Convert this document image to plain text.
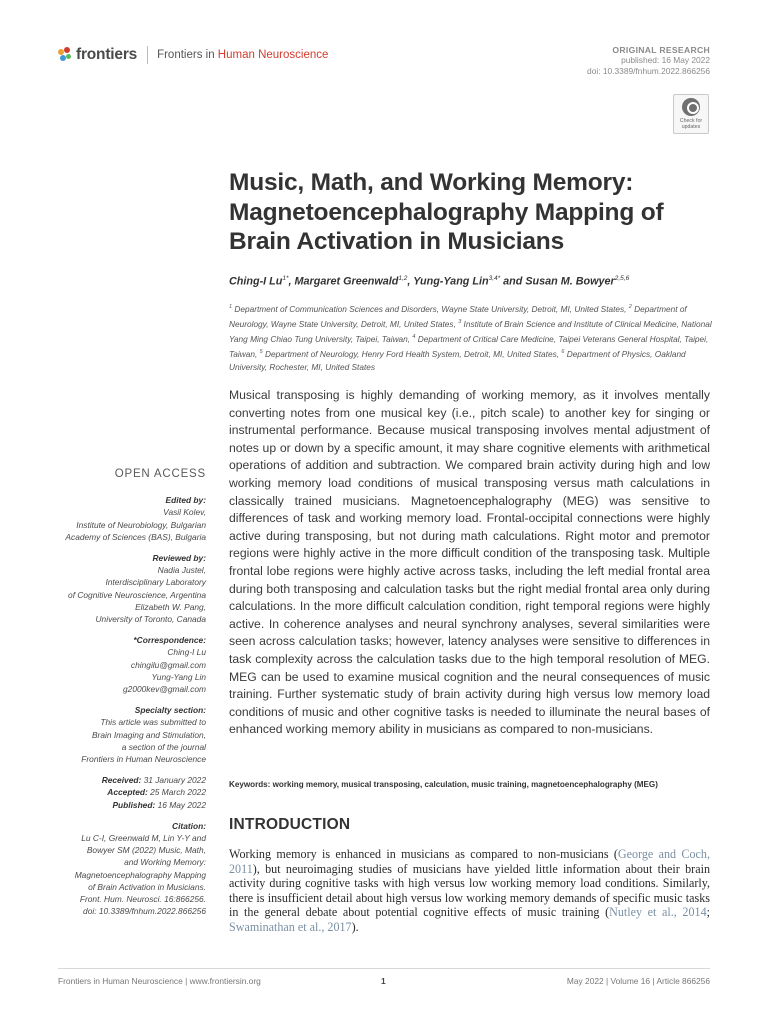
frontiers Frontiers in Human Neuroscience	ORIGINAL RESEARCH
published: 16 May 2022
doi: 10.3389/fnhum.2022.866256
Check for updates
Music, Math, and Working Memory: Magnetoencephalography Mapping of Brain Activation in Musicians
Ching-I $Lu^{1*}$, Margaret Greenwald$^{1,2}$, Yung-Yang Lin$^{3,4*}$ and Susan M. Bowyer$^{2,5,6}$
$^1$ Department of Communication Sciences and Disorders, Wayne State University, Detroit, MI, United States, $^2$ Department of Neurology, Wayne State University, Detroit, MI, United States, $^3$ Institute of Brain Science and Institute of Clinical Medicine, National Yang Ming Chiao Tung University, Taipei, Taiwan, $^4$ Department of Critical Care Medicine, Taipei Veterans General Hospital, Taipei, Taiwan, $^5$ Department of Neurology, Henry Ford Health System, Detroit, MI, United States, $^6$ Department of Physics, Oakland University, Rochester, MI, United States

Musical transposing is highly demanding of working memory, as it involves mentally converting notes from one musical key (i.e., pitch scale) to another key for singing or instrumental performance. Because musical transposing involves mental adjustment of notes up or down by a specific amount, it may share cognitive elements with arithmetical operations of addition and subtraction. We compared brain activity during high and low working memory load conditions of musical transposing versus math calculations in classically trained musicians. Magnetoencephalography (MEG) was sensitive to differences of task and working memory load. Frontal-occipital connections were highly active during transposing, but not during math calculations. Right motor and premotor regions were highly active in the more difficult condition of the transposing task. Multiple frontal lobe regions were highly active across tasks, including the left medial frontal area during both transposing and calculation tasks but the right medial frontal area only during calculations. In the more difficult calculation condition, right temporal regions were highly active. In coherence analyses and neural synchrony analyses, several similarities were seen across calculation tasks; however, latency analyses were sensitive to differences in task complexity across the calculation tasks due to the high temporal resolution of MEG. MEG can be used to examine musical cognition and the neural consequences of music training. Further systematic study of brain activity during high versus low memory load conditions of music and other cognitive tasks is needed to illuminate the neural bases of enhanced working memory ability in musicians as compared to non-musicians.

Keywords: working memory, musical transposing, calculation, music training, magnetoencephalography (MEG)
INTRODUCTION

Working memory is enhanced in musicians as compared to non-musicians (George and Coch, 2011), but neuroimaging studies of musicians have yielded little information about their brain activity during cognitive tasks with high versus low working memory load conditions. Similarly, there is insufficient detail about high versus low working memory demands of specific music tasks in the general debate about potential cognitive effects of music training (Nutley et al., 2014; Swaminathan et al., 2017).

OPEN ACCESS
Edited by:
Vasil Kolev,
Institute of Neurobiology, Bulgarian
Academy of Sciences (BAS), Bulgaria
Reviewed by:
Nadia Justel,
Interdisciplinary Laboratory
of Cognitive Neuroscience, Argentina
Elizabeth W. Pang,
University of Toronto, Canada
*Correspondence:
Ching-I Lu
chingilu@gmail.com
Yung-Yang Lin
g2000kev@gmail.com
Specialty section:
This article was submitted to
Brain Imaging and Stimulation,
a section of the journal
Frontiers in Human Neuroscience
Received: 31 January 2022
Accepted: 25 March 2022
Published: 16 May 2022
Citation:
Lu C-I, Greenwald M, Lin Y-Y and
Bowyer SM (2022) Music, Math,
and Working Memory:
Magnetoencephalography Mapping
of Brain Activation in Musicians.
Front. Hum. Neurosci. 16:866256.
doi: 10.3389/fnhum.2022.866256
Frontiers in Human Neuroscience | www.frontiersin.org	1	May 2022 | Volume 16 | Article 866256
